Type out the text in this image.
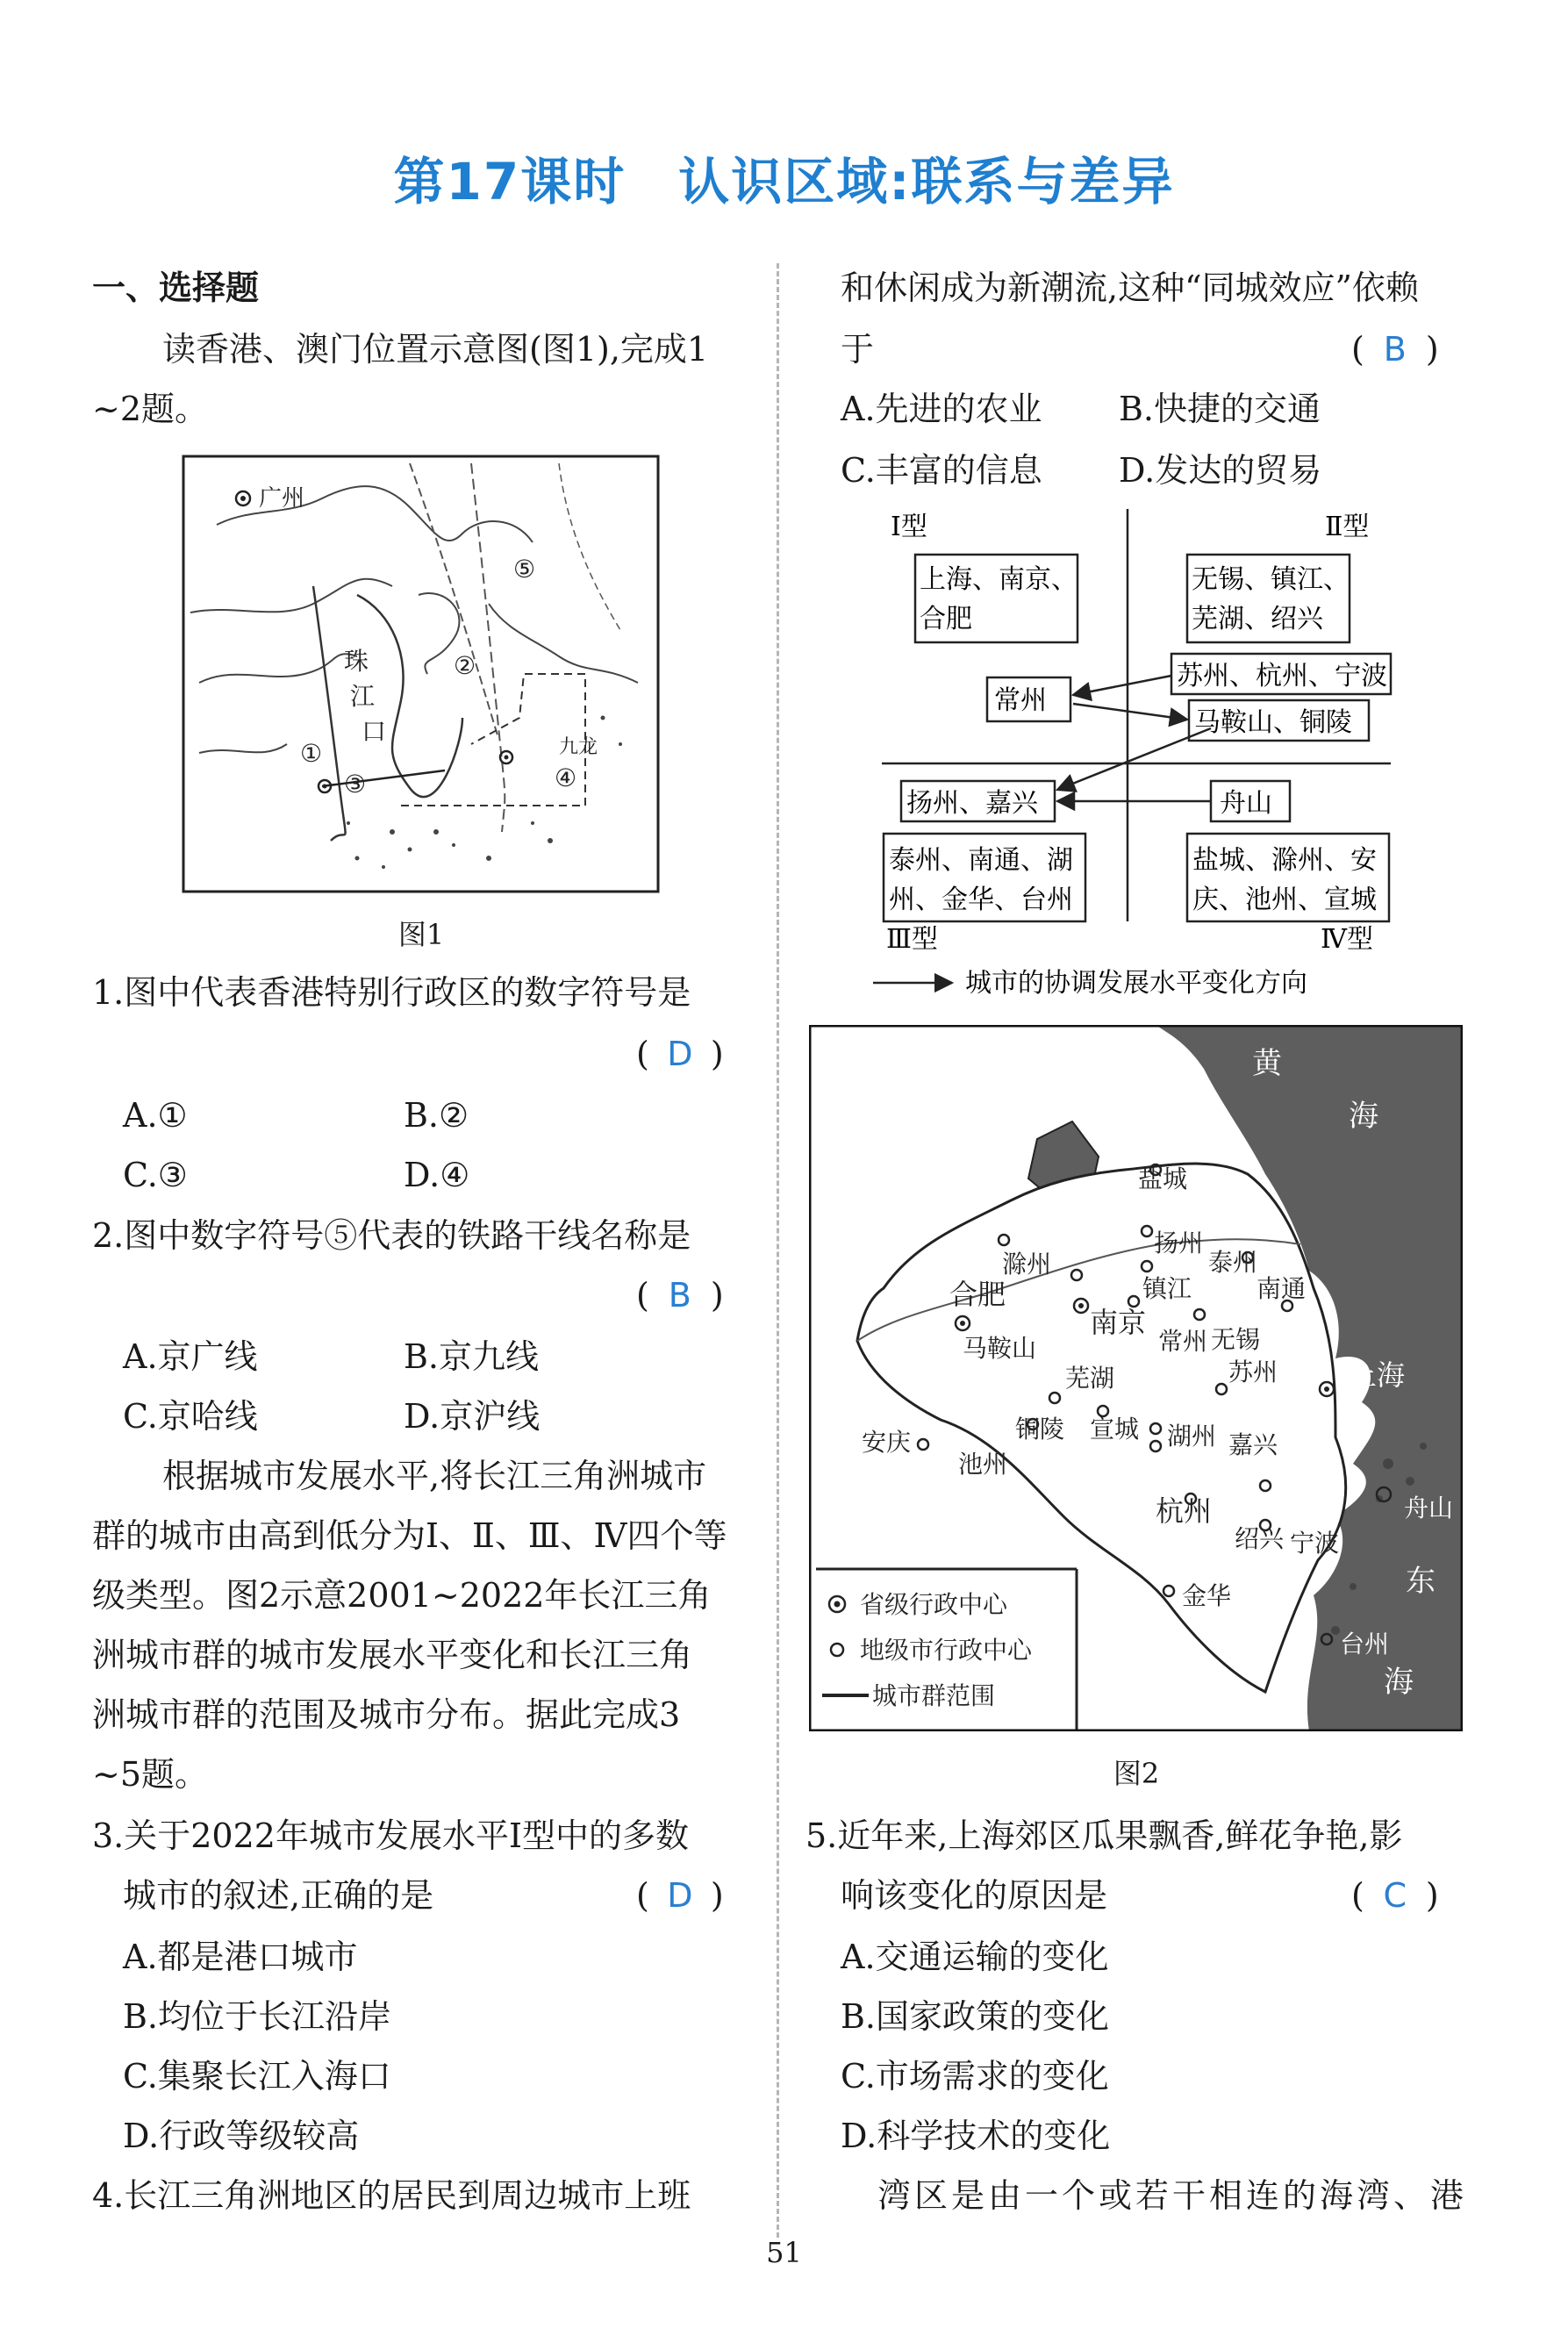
第17课时　认识区域:联系与差异
一、选择题
读香港、澳门位置示意图(图1),完成1
~2题。
广州
珠
江
口
九龙
①
②
③	④
⑤
图1
1.图中代表香港特别行政区的数字符号是
( D )
A.①	B.②
C.③	D.④
2.图中数字符号⑤代表的铁路干线名称是
( B )
A.京广线	B.京九线
C.京哈线	D.京沪线
根据城市发展水平,将长江三角洲城市
群的城市由高到低分为Ⅰ、Ⅱ、Ⅲ、Ⅳ四个等
级类型。图2示意2001~2022年长江三角
洲城市群的城市发展水平变化和长江三角
洲城市群的范围及城市分布。据此完成3
~5题。
3.关于2022年城市发展水平Ⅰ型中的多数
城市的叙述,正确的是	( D )
A.都是港口城市
B.均位于长江沿岸
C.集聚长江入海口
D.行政等级较高
4.长江三角洲地区的居民到周边城市上班
和休闲成为新潮流,这种“同城效应”依赖
于	( B )
A.先进的农业 B.快捷的交通
C.丰富的信息 D.发达的贸易
Ⅰ型	Ⅱ型
Ⅲ型	Ⅳ型
上海、南京、
合肥
无锡、镇江、
芜湖、绍兴
苏州、杭州、宁波
常州
马鞍山、铜陵
扬州、嘉兴	舟山
泰州、南通、湖
州、金华、台州
盐城、滁州、安
庆、池州、宣城
城市的协调发展水平变化方向
黄
海
东
海
盐城
扬州
滁州	泰州
合肥	镇江	南通
南京
马鞍山	常州 无锡
芜湖	苏州	上海
安庆	铜陵 宣城 湖州 嘉兴
池州
杭州	舟山
绍兴 宁波
金华
台州
省级行政中心
地级市行政中心
城市群范围
图2
5.近年来,上海郊区瓜果飘香,鲜花争艳,影
响该变化的原因是	( C )
A.交通运输的变化
B.国家政策的变化
C.市场需求的变化
D.科学技术的变化
湾区是由一个或若干相连的海湾、港
51
